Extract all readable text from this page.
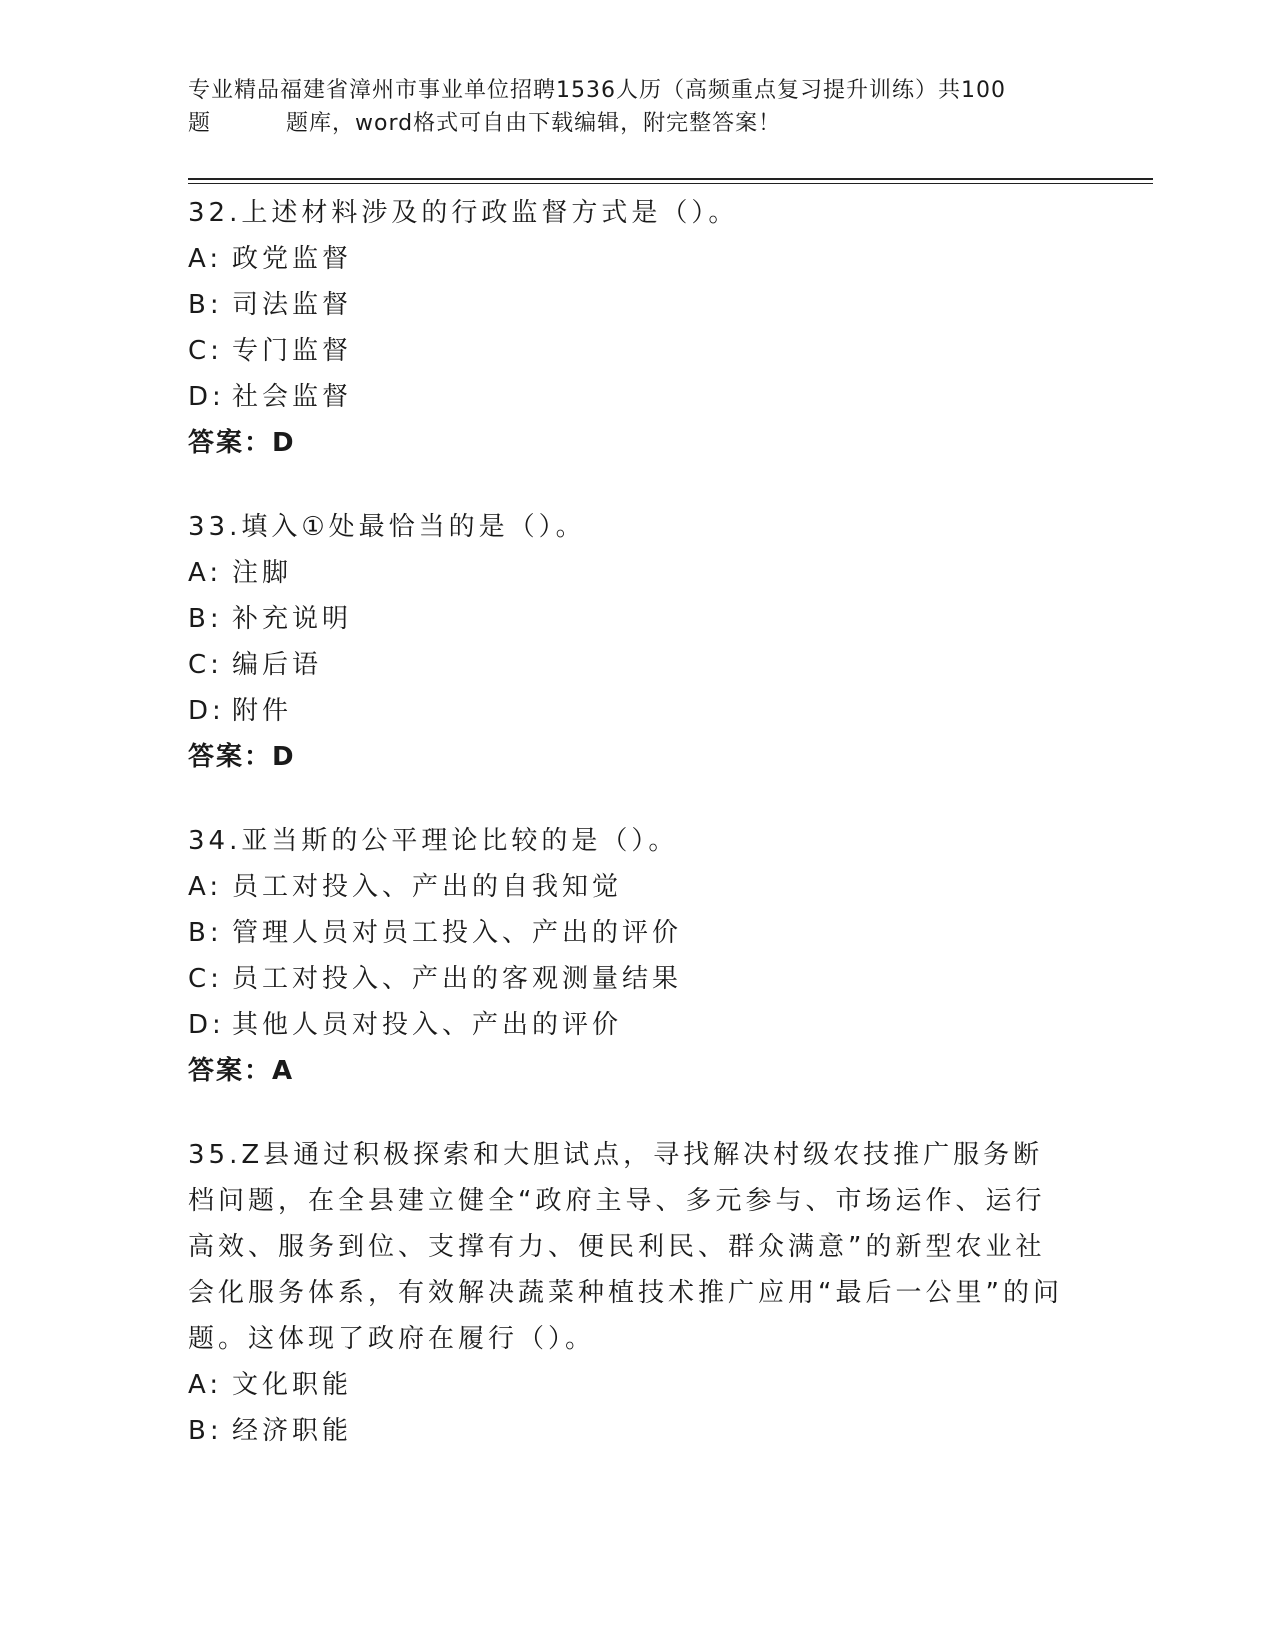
专业精品福建省漳州市事业单位招聘1536人历（高频重点复习提升训练）共100
题	题库，word格式可自由下载编辑，附完整答案！
32.上述材料涉及的行政监督方式是（）。
A: 政党监督
B: 司法监督
C: 专门监督
D: 社会监督
答案：D
33.填入①处最恰当的是（）。
A: 注脚
B: 补充说明
C: 编后语
D: 附件
答案：D
34.亚当斯的公平理论比较的是（）。
A: 员工对投入、产出的自我知觉
B: 管理人员对员工投入、产出的评价
C: 员工对投入、产出的客观测量结果
D: 其他人员对投入、产出的评价
答案：A
35.Z县通过积极探索和大胆试点，寻找解决村级农技推广服务断档问题，在全县建立健全“政府主导、多元参与、市场运作、运行高效、服务到位、支撑有力、便民利民、群众满意”的新型农业社会化服务体系，有效解决蔬菜种植技术推广应用“最后一公里”的问题。这体现了政府在履行（）。
A: 文化职能
B: 经济职能
